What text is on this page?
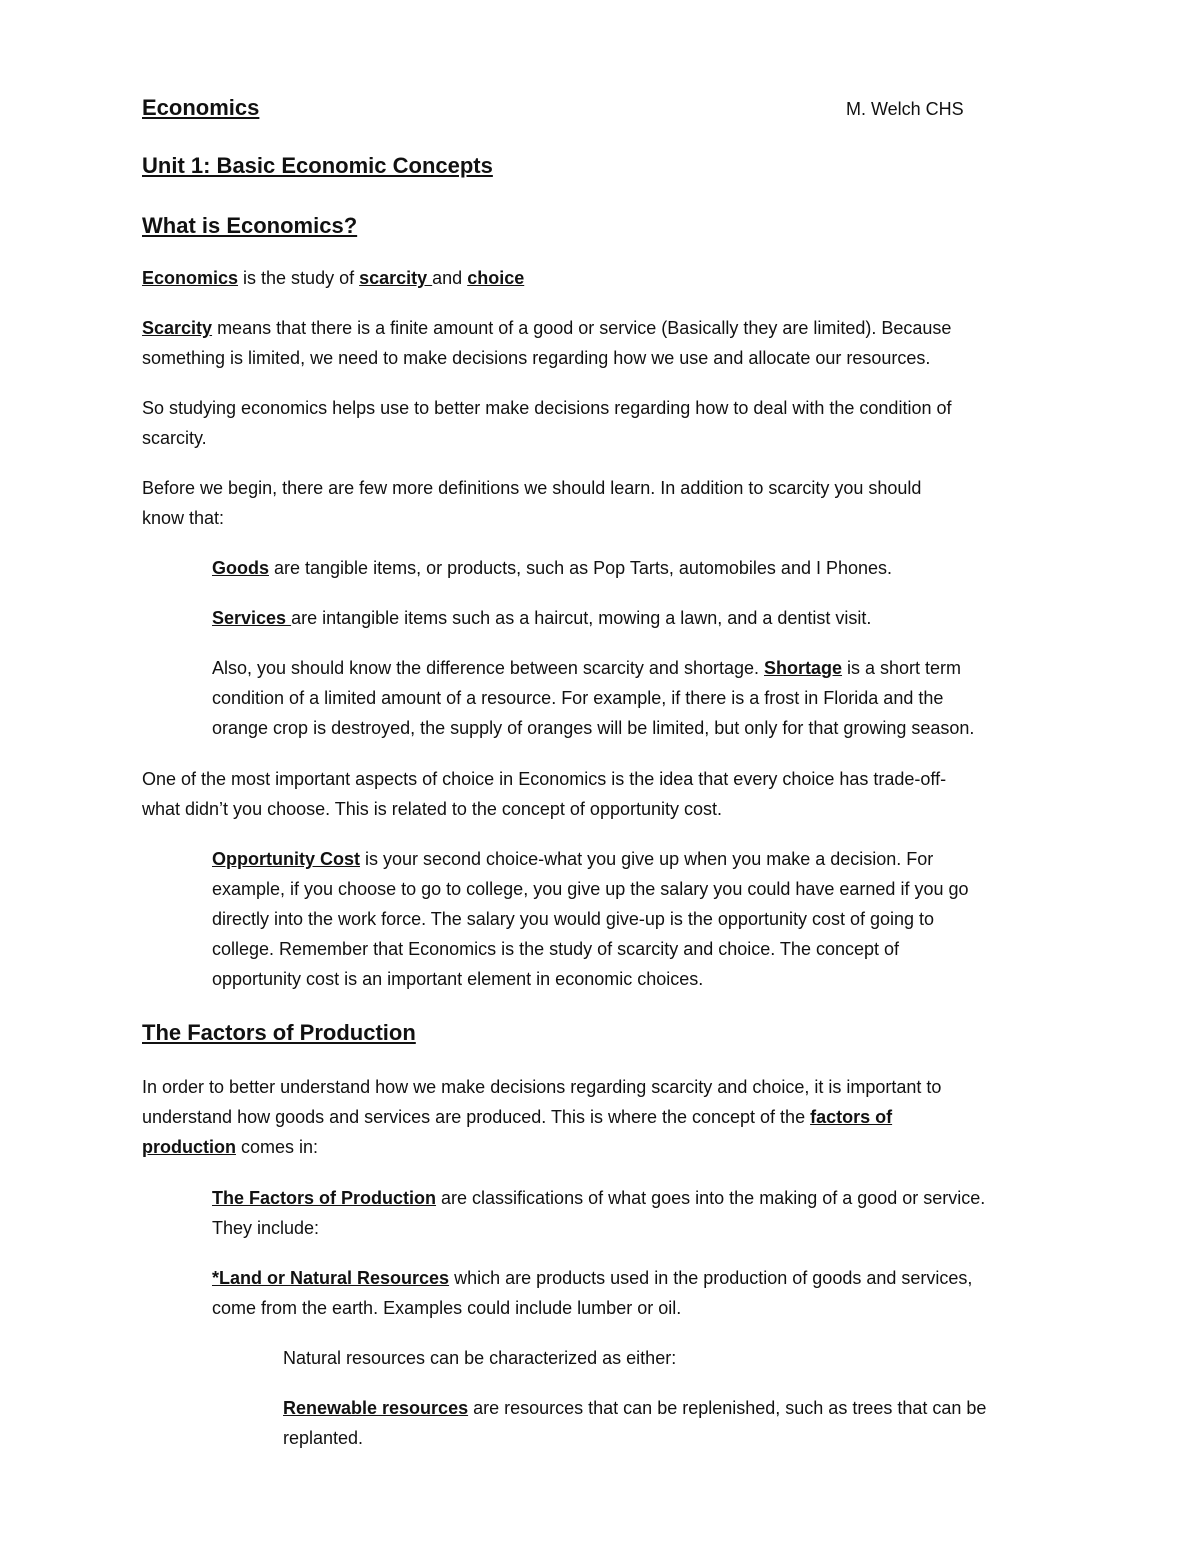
Economics	M. Welch CHS
Unit 1: Basic Economic Concepts
What is Economics?
Economics is the study of scarcity and choice
Scarcity means that there is a finite amount of a good or service (Basically they are limited). Because
something is limited, we need to make decisions regarding how we use and allocate our resources.
So studying economics helps use to better make decisions regarding how to deal with the condition of
scarcity.
Before we begin, there are few more definitions we should learn. In addition to scarcity you should
know that:
Goods are tangible items, or products, such as Pop Tarts, automobiles and I Phones.
Services are intangible items such as a haircut, mowing a lawn, and a dentist visit.
Also, you should know the difference between scarcity and shortage. Shortage is a short term
condition of a limited amount of a resource. For example, if there is a frost in Florida and the
orange crop is destroyed, the supply of oranges will be limited, but only for that growing season.
One of the most important aspects of choice in Economics is the idea that every choice has trade-off-
what didn’t you choose. This is related to the concept of opportunity cost.
Opportunity Cost is your second choice-what you give up when you make a decision. For
example, if you choose to go to college, you give up the salary you could have earned if you go
directly into the work force. The salary you would give-up is the opportunity cost of going to
college. Remember that Economics is the study of scarcity and choice. The concept of
opportunity cost is an important element in economic choices.
The Factors of Production
In order to better understand how we make decisions regarding scarcity and choice, it is important to
understand how goods and services are produced. This is where the concept of the factors of
production comes in:
The Factors of Production are classifications of what goes into the making of a good or service.
They include:
*Land or Natural Resources which are products used in the production of goods and services,
come from the earth. Examples could include lumber or oil.
Natural resources can be characterized as either:
Renewable resources are resources that can be replenished, such as trees that can be
replanted.
